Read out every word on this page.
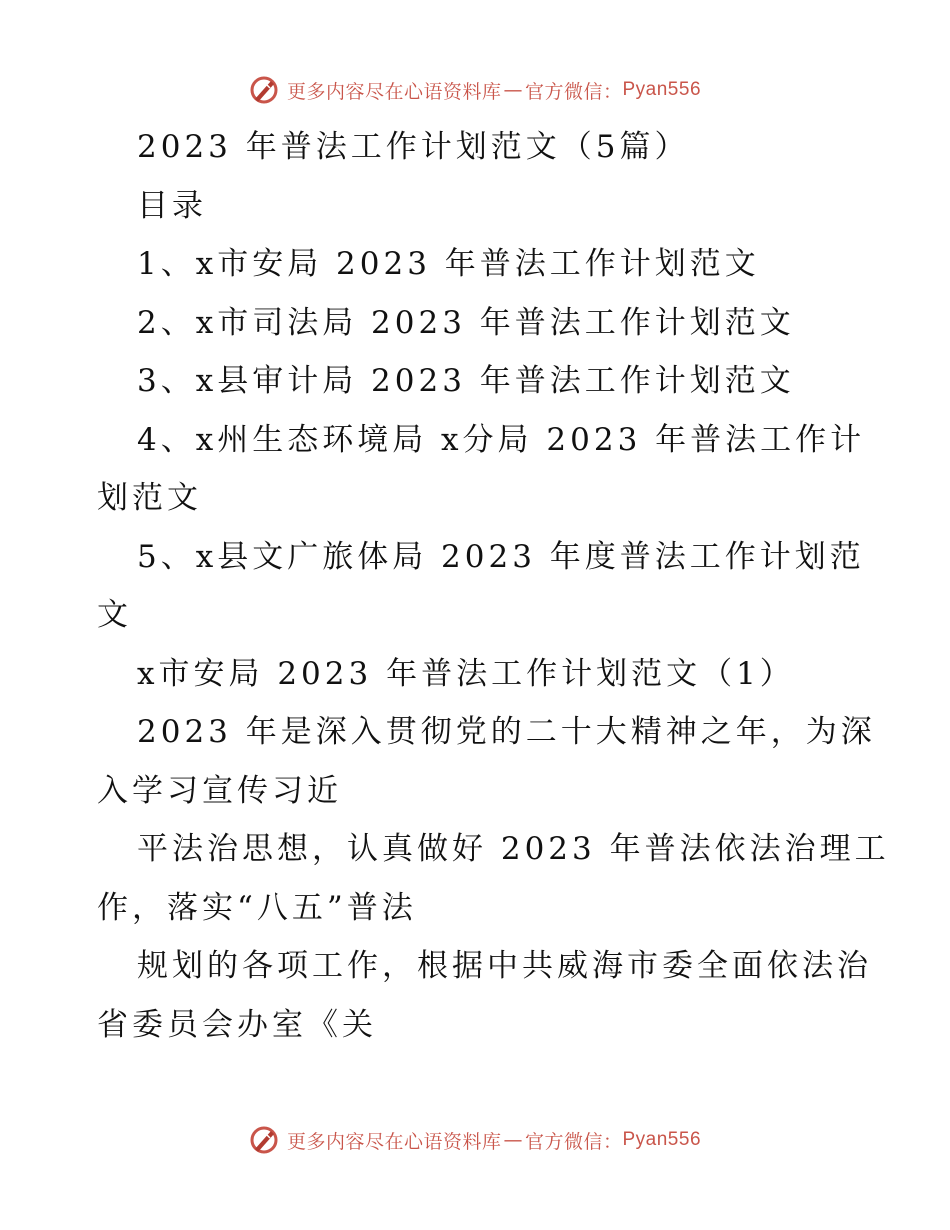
更多内容尽在心语资料库 — 官方微信： Pyan556
2023 年普法工作计划范文（5篇）
目录
1、x市安局 2023 年普法工作计划范文
2、x市司法局 2023 年普法工作计划范文
3、x县审计局 2023 年普法工作计划范文
4、x州生态环境局 x分局 2023 年普法工作计
划范文
5、x县文广旅体局 2023 年度普法工作计划范
文
x市安局 2023 年普法工作计划范文（1）
2023 年是深入贯彻党的二十大精神之年，为深
入学习宣传习近
平法治思想，认真做好 2023 年普法依法治理工
作，落实“八五”普法
规划的各项工作，根据中共威海市委全面依法治
省委员会办室《关
更多内容尽在心语资料库 — 官方微信： Pyan556
